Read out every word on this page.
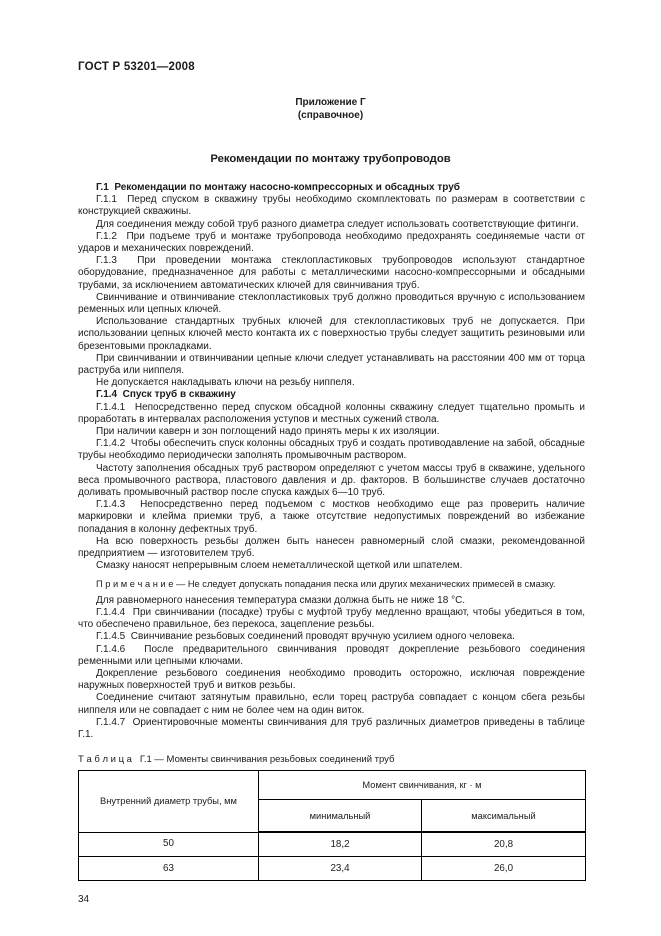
ГОСТ Р 53201—2008
Приложение Г
(справочное)
Рекомендации по монтажу трубопроводов

Г.1  Рекомендации по монтажу насосно-компрессорных и обсадных труб

Г.1.1  Перед спуском в скважину трубы необходимо скомплектовать по размерам в соответствии с конструкцией скважины.

Для соединения между собой труб разного диаметра следует использовать соответствующие фитинги.

Г.1.2  При подъеме труб и монтаже трубопровода необходимо предохранять соединяемые части от ударов и механических повреждений.

Г.1.3  При проведении монтажа стеклопластиковых трубопроводов используют стандартное оборудование, предназначенное для работы с металлическими насосно-компрессорными и обсадными трубами, за исключением автоматических ключей для свинчивания труб.

Свинчивание и отвинчивание стеклопластиковых труб должно проводиться вручную с использованием ременных или цепных ключей.

Использование стандартных трубных ключей для стеклопластиковых труб не допускается. При использовании цепных ключей место контакта их с поверхностью трубы следует защитить резиновыми или брезентовыми прокладками.

При свинчивании и отвинчивании цепные ключи следует устанавливать на расстоянии 400 мм от торца раструба или ниппеля.

Не допускается накладывать ключи на резьбу ниппеля.

Г.1.4  Спуск труб в скважину

Г.1.4.1  Непосредственно перед спуском обсадной колонны скважину следует тщательно промыть и проработать в интервалах расположения уступов и местных сужений ствола.

При наличии каверн и зон поглощений надо принять меры к их изоляции.

Г.1.4.2  Чтобы обеспечить спуск колонны обсадных труб и создать противодавление на забой, обсадные трубы необходимо периодически заполнять промывочным раствором.

Частоту заполнения обсадных труб раствором определяют с учетом массы труб в скважине, удельного веса промывочного раствора, пластового давления и др. факторов. В большинстве случаев достаточно доливать промывочный раствор после спуска каждых 6—10 труб.

Г.1.4.3  Непосредственно перед подъемом с мостков необходимо еще раз проверить наличие маркировки и клейма приемки труб, а также отсутствие недопустимых повреждений во избежание попадания в колонну дефектных труб.

На всю поверхность резьбы должен быть нанесен равномерный слой смазки, рекомендованной предприятием — изготовителем труб.

Смазку наносят непрерывным слоем неметаллической щеткой или шпателем.

П р и м е ч а н и е — Не следует допускать попадания песка или других механических примесей в смазку.

Для равномерного нанесения температура смазки должна быть не ниже 18 °С.

Г.1.4.4  При свинчивании (посадке) трубы с муфтой трубу медленно вращают, чтобы убедиться в том, что обеспечено правильное, без перекоса, зацепление резьбы.

Г.1.4.5  Свинчивание резьбовых соединений проводят вручную усилием одного человека.

Г.1.4.6  После предварительного свинчивания проводят докрепление резьбового соединения ременными или цепными ключами.

Докрепление резьбового соединения необходимо проводить осторожно, исключая повреждение наружных поверхностей труб и витков резьбы.

Соединение считают затянутым правильно, если торец раструба совпадает с концом сбега резьбы ниппеля или не совпадает с ним не более чем на один виток.

Г.1.4.7  Ориентировочные моменты свинчивания для труб различных диаметров приведены в таблице Г.1.

Т а б л и ц а   Г.1 — Моменты свинчивания резьбовых соединений труб
Внутренний диаметр трубы, мм	Момент свинчивания, кг · м	
	минимальный	максимальный
50	18,2	20,8
63	23,4	26,0
34
